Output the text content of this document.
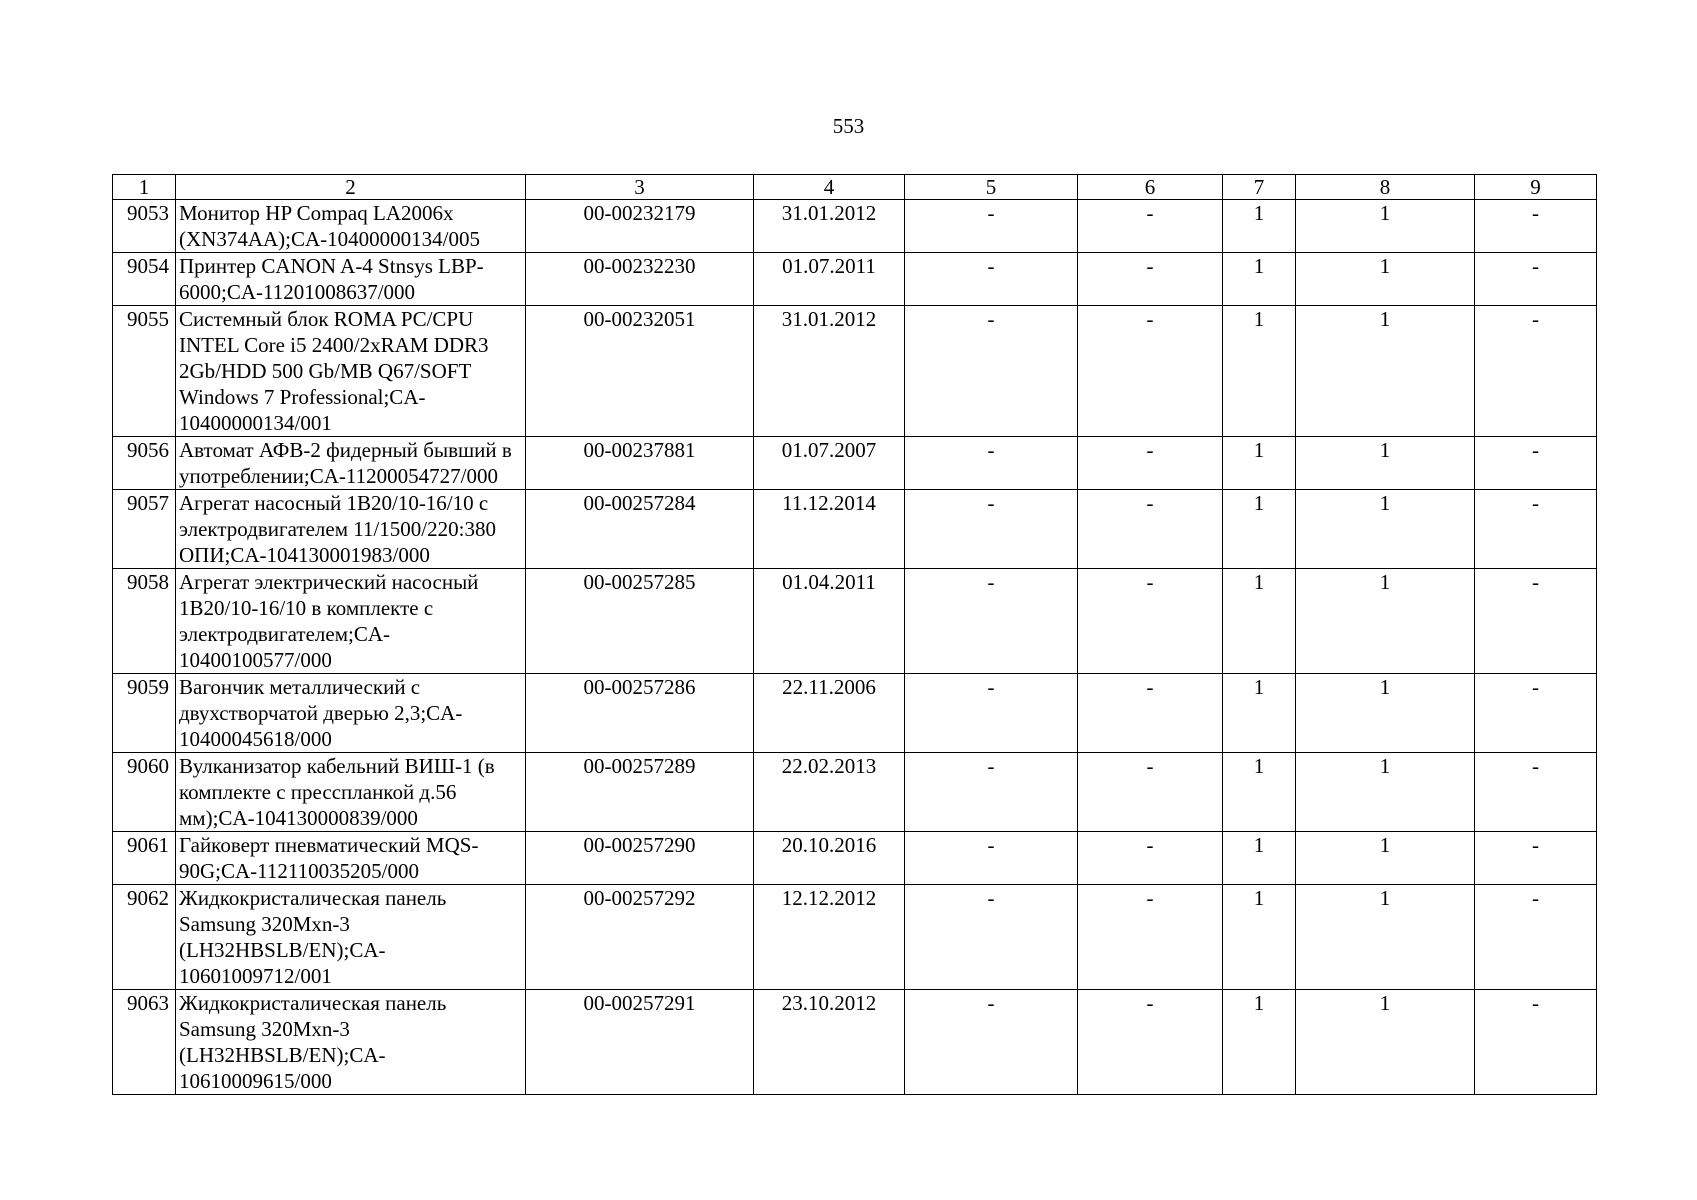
553
1	2	3	4	5	6	7	8	9
9053	Монитор HP Compaq LA2006x (XN374AA);CA-10400000134/005	00-00232179	31.01.2012	-	-	1	1	-
9054	Принтер CANON A-4 Stnsys LBP-6000;CA-11201008637/000	00-00232230	01.07.2011	-	-	1	1	-
9055	Системный блок ROMA PC/CPU INTEL Core i5 2400/2xRAM DDR3 2Gb/HDD 500 Gb/MB Q67/SOFT Windows 7 Professional;CA-10400000134/001	00-00232051	31.01.2012	-	-	1	1	-
9056	Автомат АФВ-2 фидерный бывший в употреблении;CA-11200054727/000	00-00237881	01.07.2007	-	-	1	1	-
9057	Агрегат насосный 1В20/10-16/10 с электродвигателем 11/1500/220:380 ОПИ;CA-104130001983/000	00-00257284	11.12.2014	-	-	1	1	-
9058	Агрегат электрический насосный 1В20/10-16/10 в комплекте с электродвигателем;CA-10400100577/000	00-00257285	01.04.2011	-	-	1	1	-
9059	Вагончик металлический с двухстворчатой дверью 2,3;CA-10400045618/000	00-00257286	22.11.2006	-	-	1	1	-
9060	Вулканизатор кабельний ВИШ-1 (в комплекте с пресспланкой д.56 мм);CA-104130000839/000	00-00257289	22.02.2013	-	-	1	1	-
9061	Гайковерт пневматический MQS-90G;CA-112110035205/000	00-00257290	20.10.2016	-	-	1	1	-
9062	Жидкокристалическая панель Samsung 320Mxn-3 (LH32HBSLB/EN);CA-10601009712/001	00-00257292	12.12.2012	-	-	1	1	-
9063	Жидкокристалическая панель Samsung 320Mxn-3 (LH32HBSLB/EN);CA-10610009615/000	00-00257291	23.10.2012	-	-	1	1	-
